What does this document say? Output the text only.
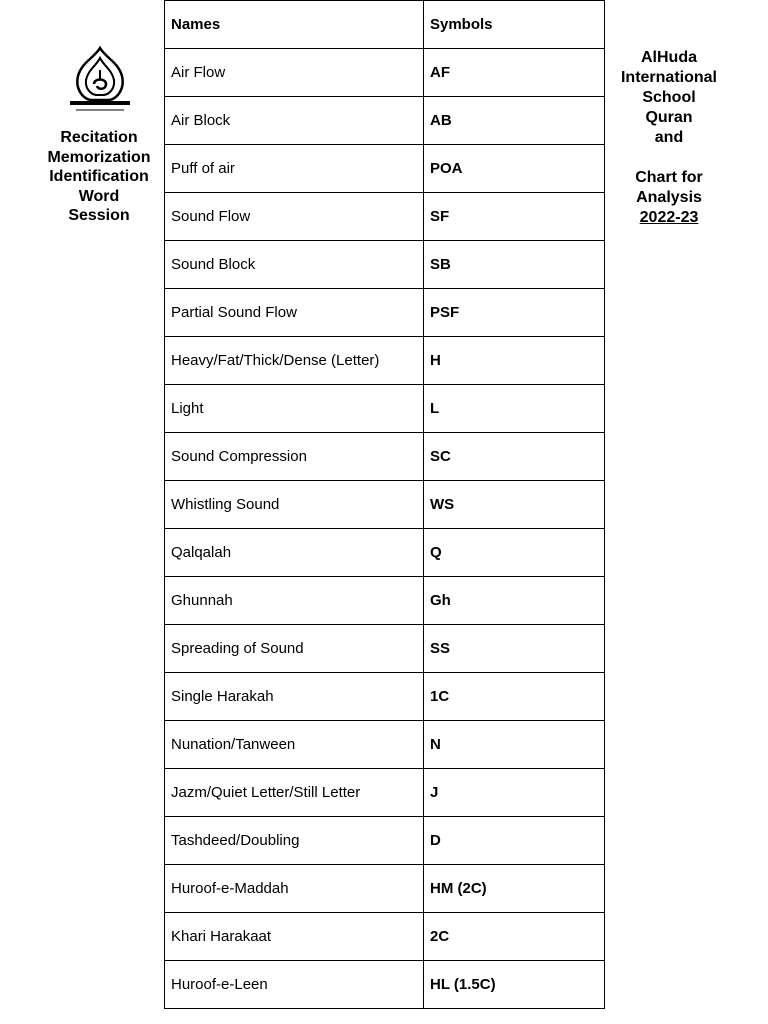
Recitation
Memorization
Identification
Word
Session
AlHuda
International
School
Quran
and
Chart for
Analysis
2022-23
Names	Symbols
Air Flow	AF
Air Block	AB
Puff of air	POA
Sound Flow	SF
Sound Block	SB
Partial Sound Flow	PSF
Heavy/Fat/Thick/Dense (Letter)	H
Light	L
Sound Compression	SC
Whistling Sound	WS
Qalqalah	Q
Ghunnah	Gh
Spreading of Sound	SS
Single Harakah	1C
Nunation/Tanween	N
Jazm/Quiet Letter/Still Letter	J
Tashdeed/Doubling	D
Huroof-e-Maddah	HM (2C)
Khari Harakaat	2C
Huroof-e-Leen	HL (1.5C)
